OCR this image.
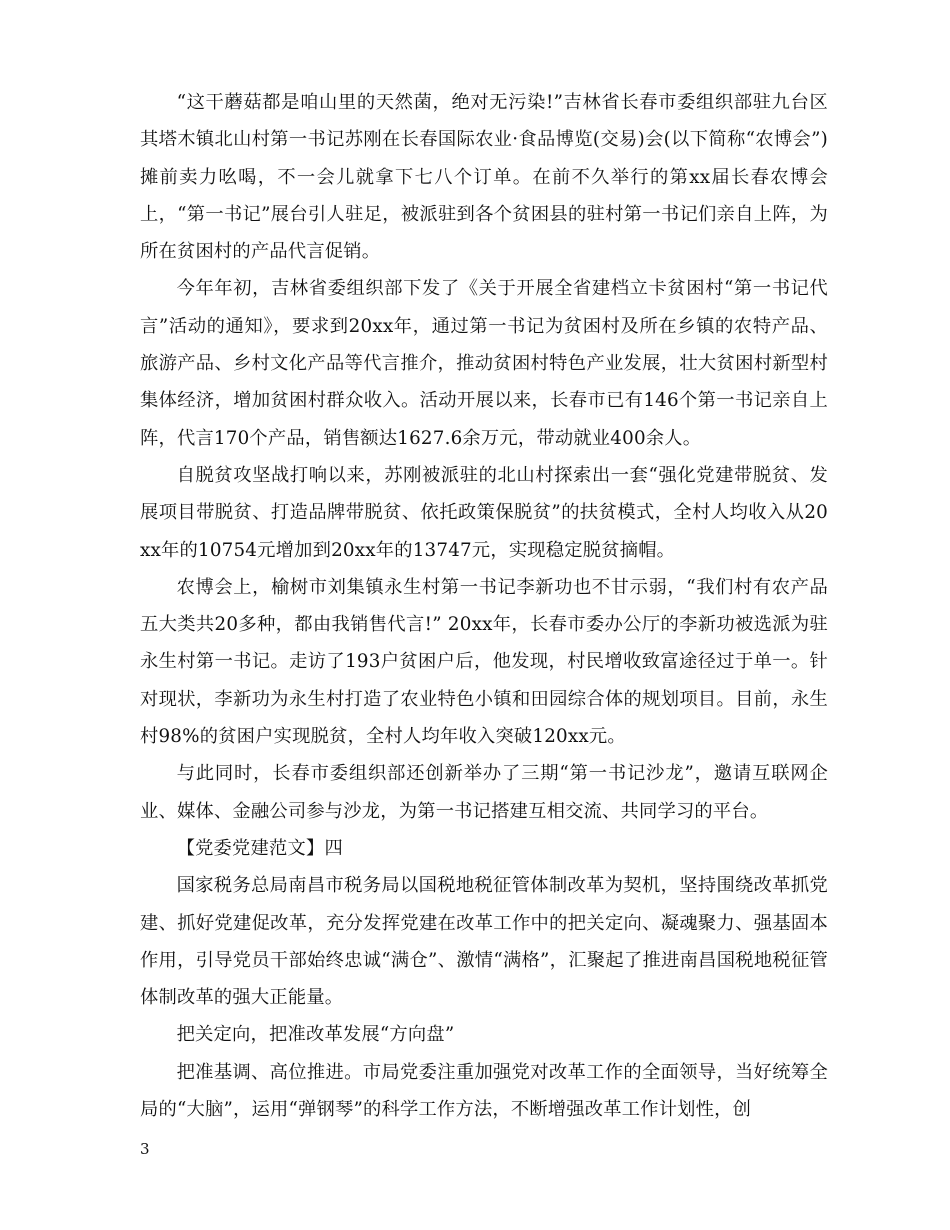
“这干蘑菇都是咱山里的天然菌，绝对无污染!”吉林省长春市委组织部驻九台区其塔木镇北山村第一书记苏刚在长春国际农业·食品博览(交易)会(以下简称“农博会”)摊前卖力吆喝，不一会儿就拿下七八个订单。在前不久举行的第xx届长春农博会上，“第一书记”展台引人驻足，被派驻到各个贫困县的驻村第一书记们亲自上阵，为所在贫困村的产品代言促销。

今年年初，吉林省委组织部下发了《关于开展全省建档立卡贫困村“第一书记代言”活动的通知》，要求到20xx年，通过第一书记为贫困村及所在乡镇的农特产品、旅游产品、乡村文化产品等代言推介，推动贫困村特色产业发展，壮大贫困村新型村集体经济，增加贫困村群众收入。活动开展以来，长春市已有146个第一书记亲自上阵，代言170个产品，销售额达1627.6余万元，带动就业400余人。

自脱贫攻坚战打响以来，苏刚被派驻的北山村探索出一套“强化党建带脱贫、发展项目带脱贫、打造品牌带脱贫、依托政策保脱贫”的扶贫模式，全村人均收入从20xx年的10754元增加到20xx年的13747元，实现稳定脱贫摘帽。

农博会上，榆树市刘集镇永生村第一书记李新功也不甘示弱，“我们村有农产品五大类共20多种，都由我销售代言!” 20xx年，长春市委办公厅的李新功被选派为驻永生村第一书记。走访了193户贫困户后，他发现，村民增收致富途径过于单一。针对现状，李新功为永生村打造了农业特色小镇和田园综合体的规划项目。目前，永生村98%的贫困户实现脱贫，全村人均年收入突破120xx元。

与此同时，长春市委组织部还创新举办了三期“第一书记沙龙”，邀请互联网企业、媒体、金融公司参与沙龙，为第一书记搭建互相交流、共同学习的平台。

【党委党建范文】四

国家税务总局南昌市税务局以国税地税征管体制改革为契机，坚持围绕改革抓党建、抓好党建促改革，充分发挥党建在改革工作中的把关定向、凝魂聚力、强基固本作用，引导党员干部始终忠诚“满仓”、激情“满格”，汇聚起了推进南昌国税地税征管体制改革的强大正能量。

把关定向，把准改革发展“方向盘”

把准基调、高位推进。市局党委注重加强党对改革工作的全面领导，当好统筹全局的“大脑”，运用“弹钢琴”的科学工作方法，不断增强改革工作计划性，创

3
